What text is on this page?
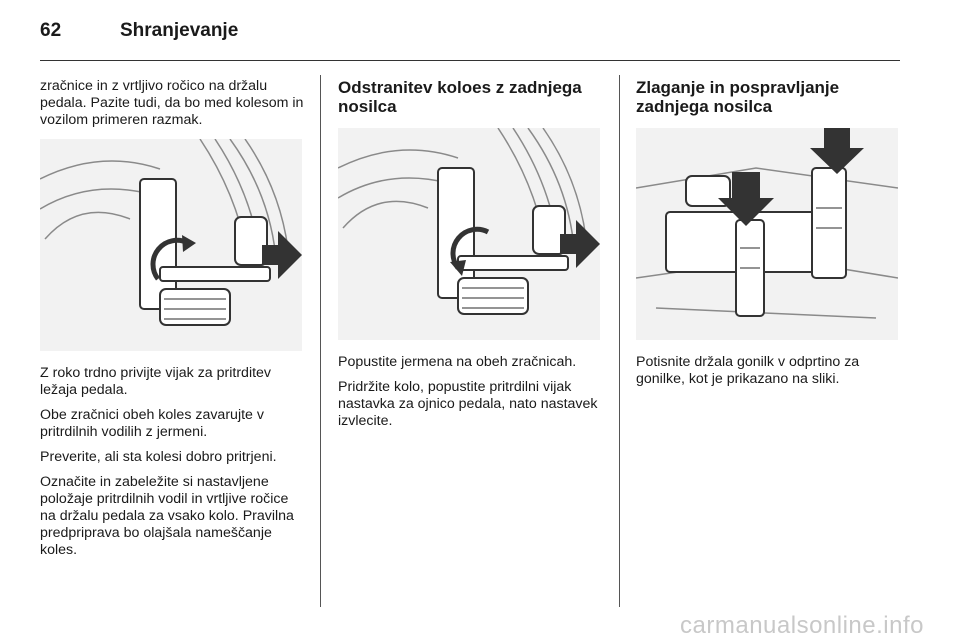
62	Shranjevanje

zračnice in z vrtljivo ročico na držalu pedala. Pazite tudi, da bo med kolesom in vozilom primeren razmak.

Z roko trdno privijte vijak za pritrditev ležaja pedala.

Obe zračnici obeh koles zavarujte v pritrdilnih vodilih z jermeni.

Preverite, ali sta kolesi dobro pritrjeni.

Označite in zabeležite si nastavljene položaje pritrdilnih vodil in vrtljive ročice na držalu pedala za vsako kolo. Pravilna predpriprava bo olajšala nameščanje koles.

Odstranitev koloes z zadnjega nosilca

Popustite jermena na obeh zračnicah.

Pridržite kolo, popustite pritrdilni vijak nastavka za ojnico pedala, nato nastavek izvlecite.

Zlaganje in pospravljanje zadnjega nosilca

Potisnite držala gonilk v odprtino za gonilke, kot je prikazano na sliki.

carmanualsonline.info
